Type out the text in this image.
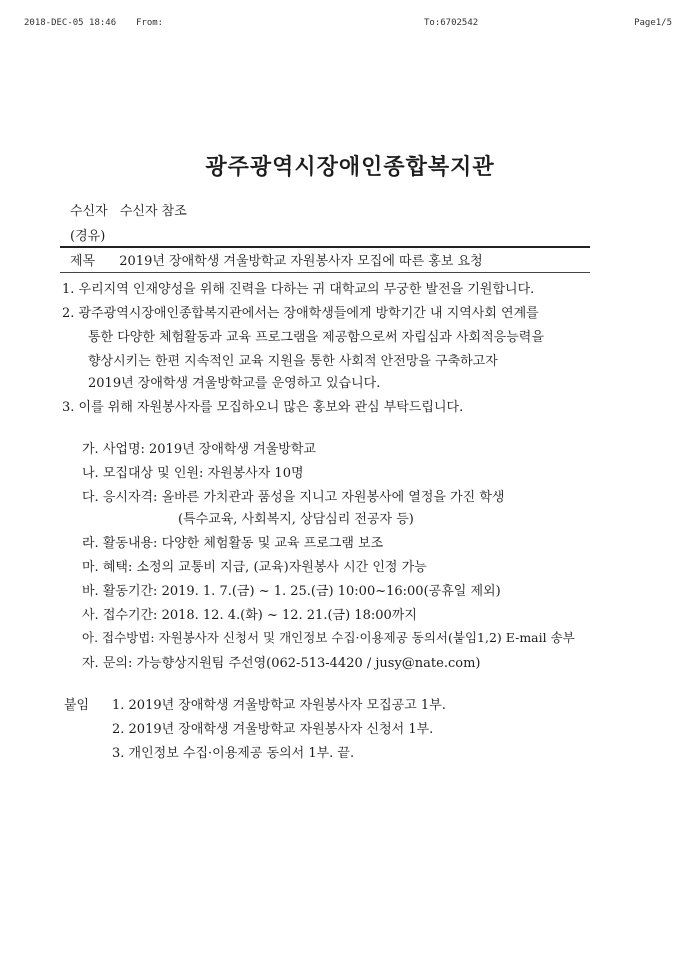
2018-DEC-05 18:46 From:	To:6702542	Page1/5
광주광역시장애인종합복지관
수신자 수신자 참조
(경유)
제목 2019년 장애학생 겨울방학교 자원봉사자 모집에 따른 홍보 요청
1. 우리지역 인재양성을 위해 진력을 다하는 귀 대학교의 무궁한 발전을 기원합니다.
2. 광주광역시장애인종합복지관에서는 장애학생들에게 방학기간 내 지역사회 연계를
통한 다양한 체험활동과 교육 프로그램을 제공함으로써 자립심과 사회적응능력을
향상시키는 한편 지속적인 교육 지원을 통한 사회적 안전망을 구축하고자
2019년 장애학생 겨울방학교를 운영하고 있습니다.
3. 이를 위해 자원봉사자를 모집하오니 많은 홍보와 관심 부탁드립니다.
가. 사업명: 2019년 장애학생 겨울방학교
나. 모집대상 및 인원: 자원봉사자 10명
다. 응시자격: 올바른 가치관과 품성을 지니고 자원봉사에 열정을 가진 학생
(특수교육, 사회복지, 상담심리 전공자 등)
라. 활동내용: 다양한 체험활동 및 교육 프로그램 보조
마. 혜택: 소정의 교통비 지급, (교육)자원봉사 시간 인정 가능
바. 활동기간: 2019. 1. 7.(금) ~ 1. 25.(금) 10:00~16:00(공휴일 제외)
사. 접수기간: 2018. 12. 4.(화) ~ 12. 21.(금) 18:00까지
아. 접수방법: 자원봉사자 신청서 및 개인정보 수집·이용제공 동의서(붙임1,2) E-mail 송부
자. 문의: 가능향상지원팀 주선영(062-513-4420 / jusy@nate.com)
붙임 1. 2019년 장애학생 겨울방학교 자원봉사자 모집공고 1부.
2. 2019년 장애학생 겨울방학교 자원봉사자 신청서 1부.
3. 개인정보 수집·이용제공 동의서 1부. 끝.
